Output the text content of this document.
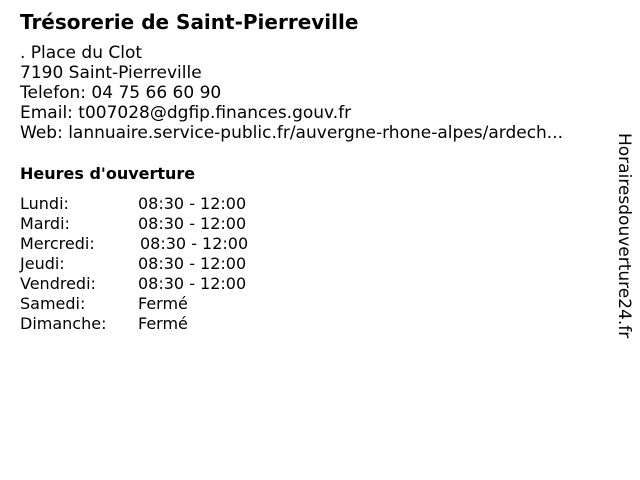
Trésorerie de Saint-Pierreville
. Place du Clot
7190 Saint-Pierreville
Telefon: 04 75 66 60 90
Email: t007028@dgfip.finances.gouv.fr
Web: lannuaire.service-public.fr/auvergne-rhone-alpes/ardech...
Heures d'ouverture
Lundi:	08:30 - 12:00
Mardi:	08:30 - 12:00
Mercredi:	08:30 - 12:00
Jeudi:	08:30 - 12:00
Vendredi:	08:30 - 12:00
Samedi:	Fermé
Dimanche: Fermé	Horairesdouverture24.fr
